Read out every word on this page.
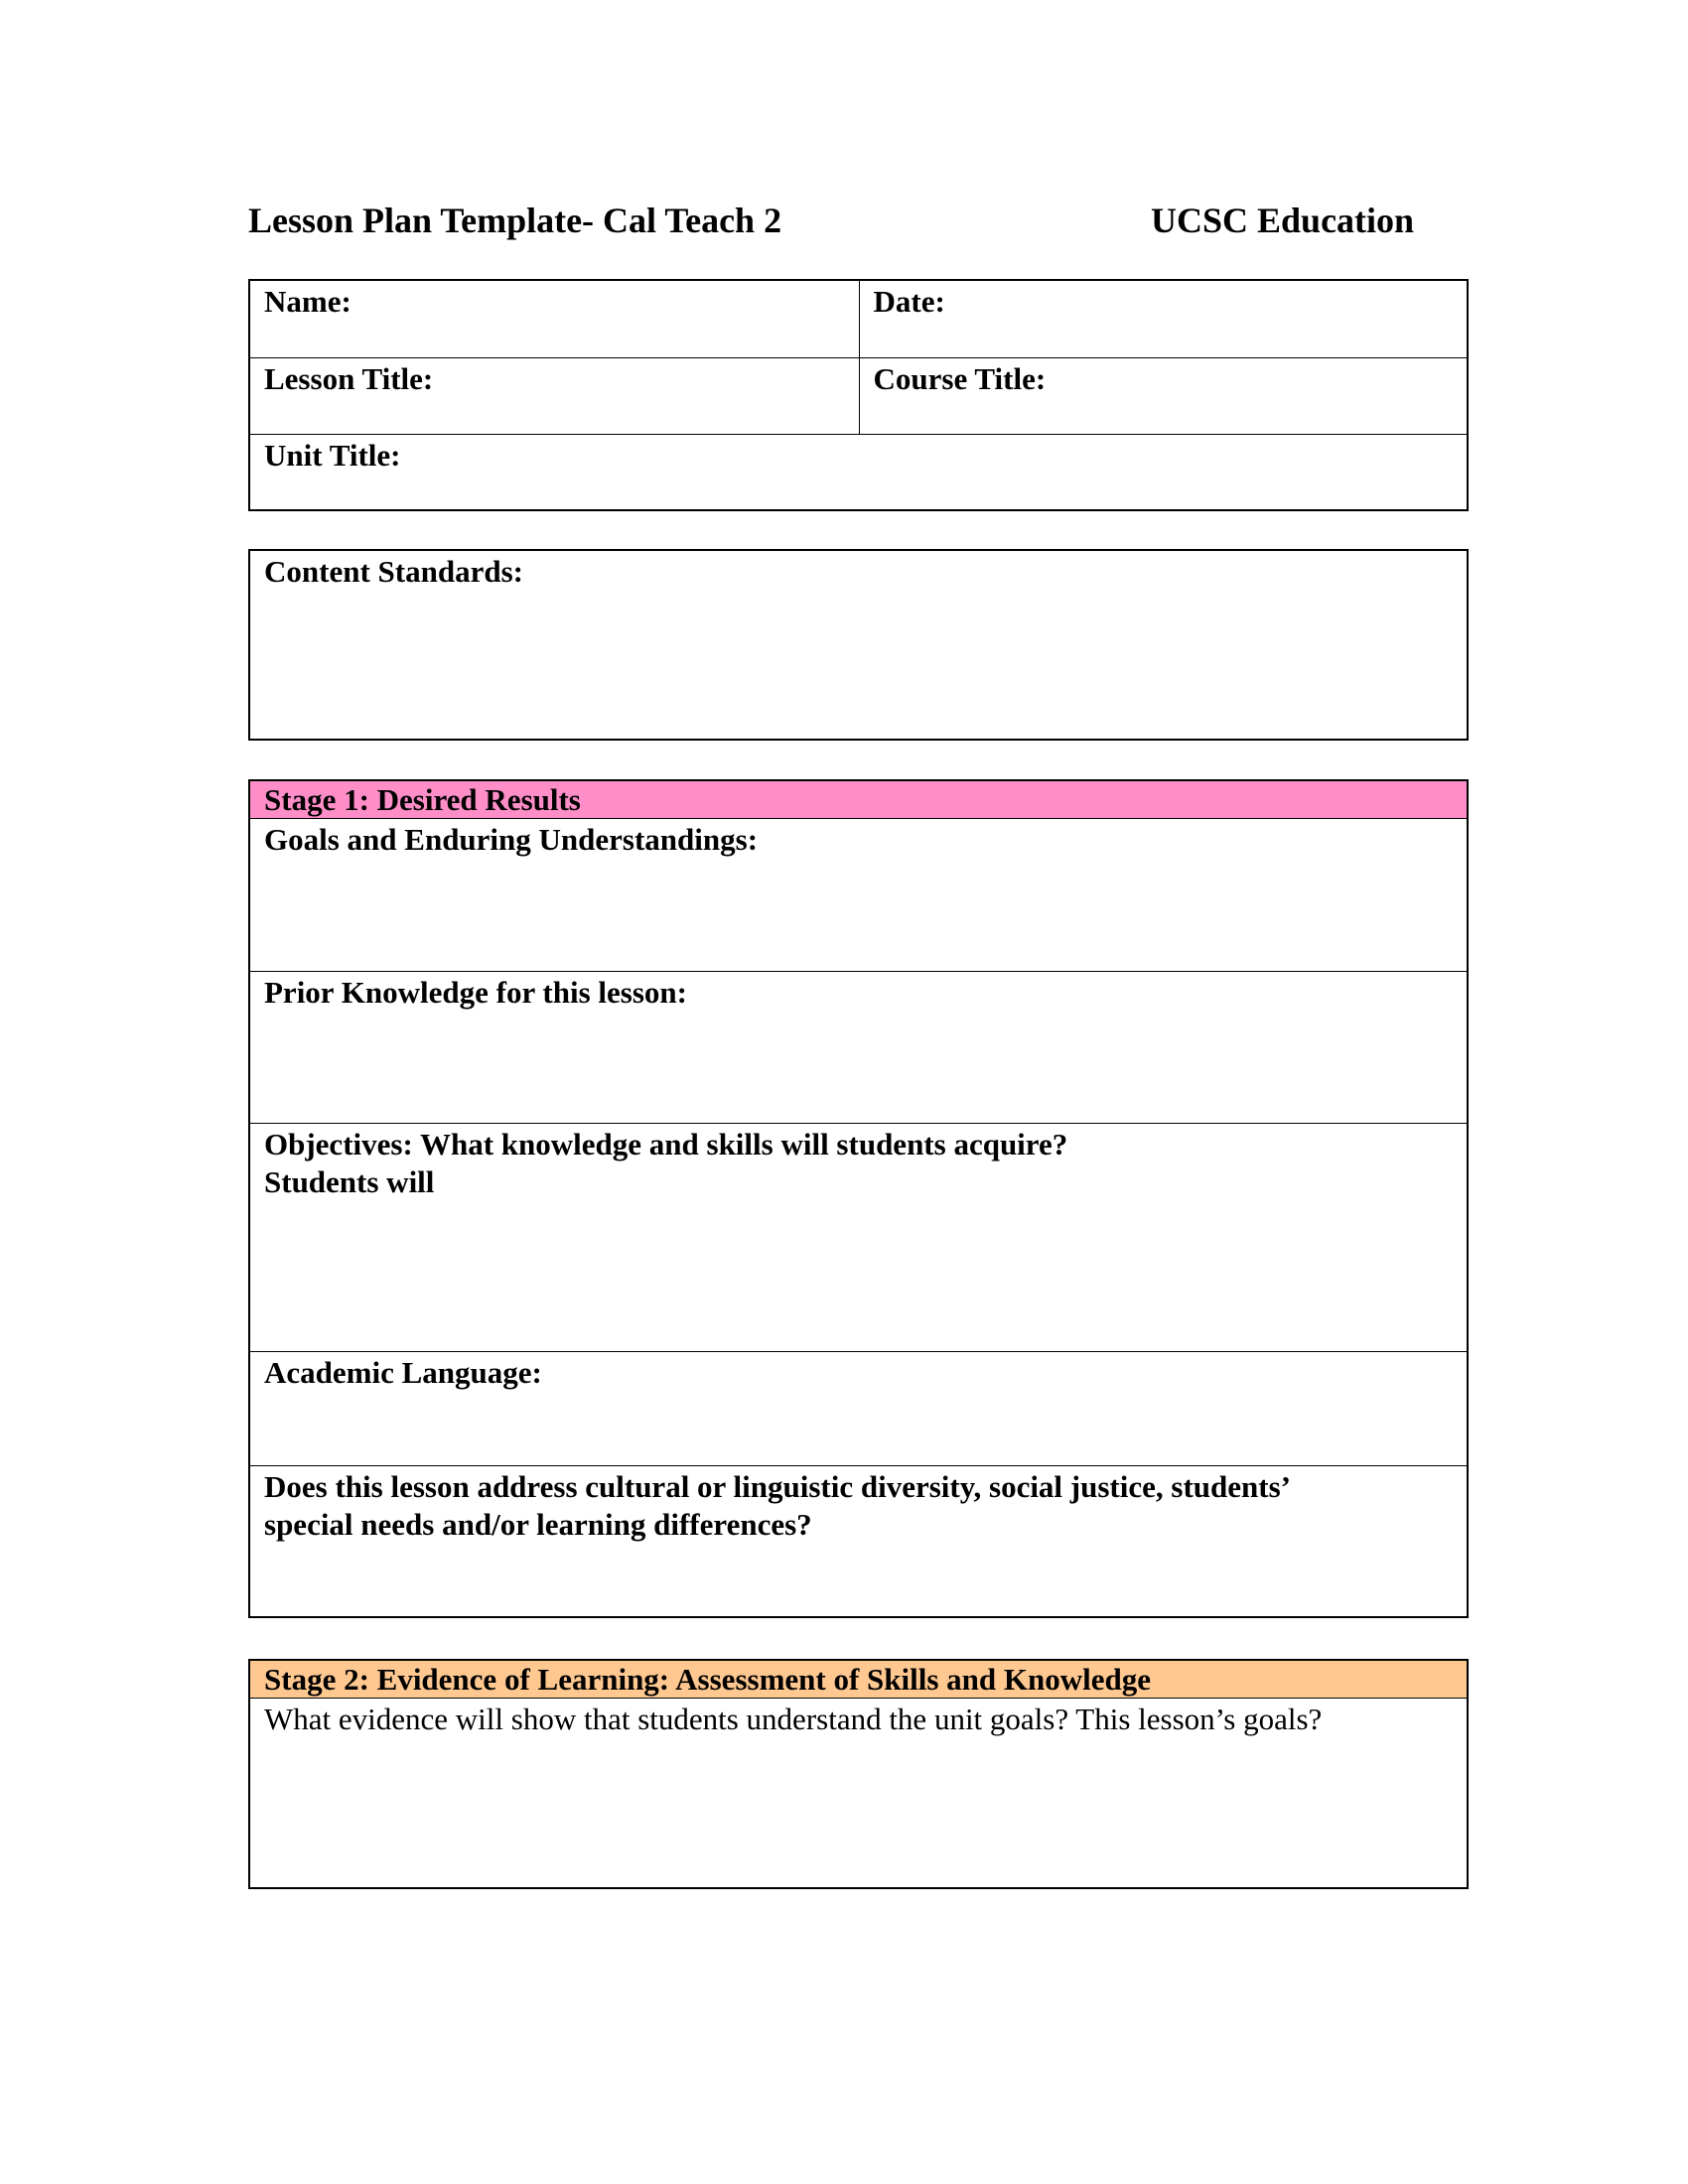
Lesson Plan Template- Cal Teach 2	UCSC Education
Name:	Date:
Lesson Title:	Course Title:
Unit Title:
Content Standards:
Stage 1: Desired Results
Goals and Enduring Understandings:
Prior Knowledge for this lesson:
Objectives: What knowledge and skills will students acquire?
Students will
Academic Language:
Does this lesson address cultural or linguistic diversity, social justice, students’
special needs and/or learning differences?
Stage 2: Evidence of Learning: Assessment of Skills and Knowledge
What evidence will show that students understand the unit goals? This lesson’s goals?
